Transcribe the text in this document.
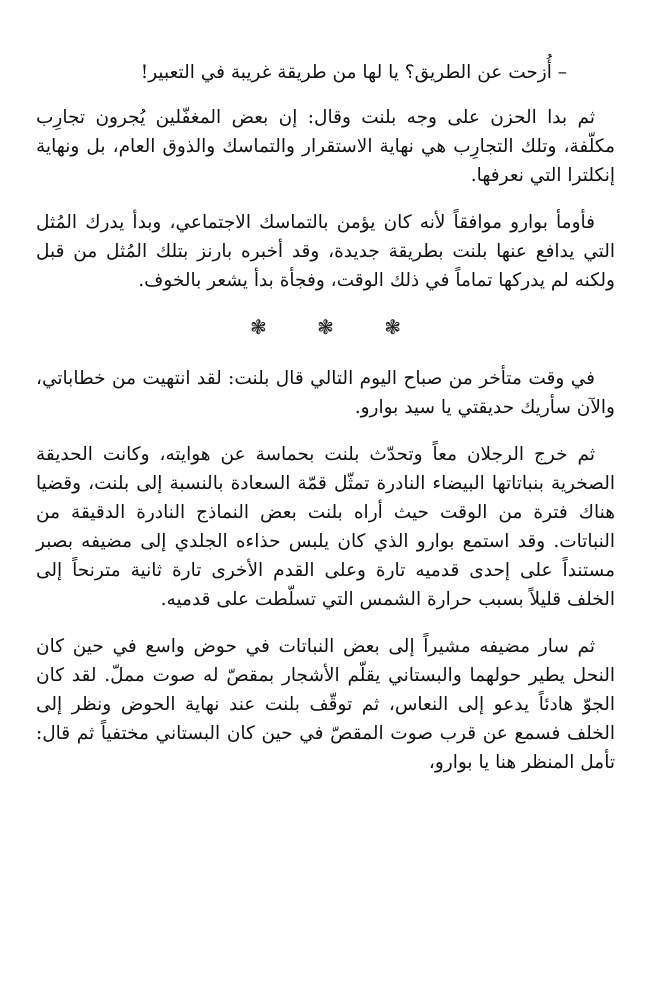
– أُزحت عن الطريق؟ يا لها من طريقة غريبة في التعبير!

ثم بدا الحزن على وجه بلنت وقال: إن بعض المغفّلين يُجرون تجارِب مكلّفة، وتلك التجارِب هي نهاية الاستقرار والتماسك والذوق العام، بل ونهاية إنكلترا التي نعرفها.

فأومأ بوارو موافقاً لأنه كان يؤمن بالتماسك الاجتماعي، وبدأ يدرك المُثل التي يدافع عنها بلنت بطريقة جديدة، وقد أخبره بارنز بتلك المُثل من قبل ولكنه لم يدركها تماماً في ذلك الوقت، وفجأة بدأ يشعر بالخوف.

❃ ❃ ❃

في وقت متأخر من صباح اليوم التالي قال بلنت: لقد انتهيت من خطاباتي، والآن سأريك حديقتي يا سيد بوارو.

ثم خرج الرجلان معاً وتحدّث بلنت بحماسة عن هوايته، وكانت الحديقة الصخرية بنباتاتها البيضاء النادرة تمثّل قمّة السعادة بالنسبة إلى بلنت، وقضيا هناك فترة من الوقت حيث أراه بلنت بعض النماذج النادرة الدقيقة من النباتات. وقد استمع بوارو الذي كان يلبس حذاءه الجلدي إلى مضيفه بصبر مستنداً على إحدى قدميه تارة وعلى القدم الأخرى تارة ثانية مترنحاً إلى الخلف قليلاً بسبب حرارة الشمس التي تسلّطت على قدميه.

ثم سار مضيفه مشيراً إلى بعض النباتات في حوض واسع في حين كان النحل يطير حولهما والبستاني يقلّم الأشجار بمقصّ له صوت مملّ. لقد كان الجوّ هادئاً يدعو إلى النعاس، ثم توقّف بلنت عند نهاية الحوض ونظر إلى الخلف فسمع عن قرب صوت المقصّ في حين كان البستاني مختفياً ثم قال: تأمل المنظر هنا يا بوارو،
